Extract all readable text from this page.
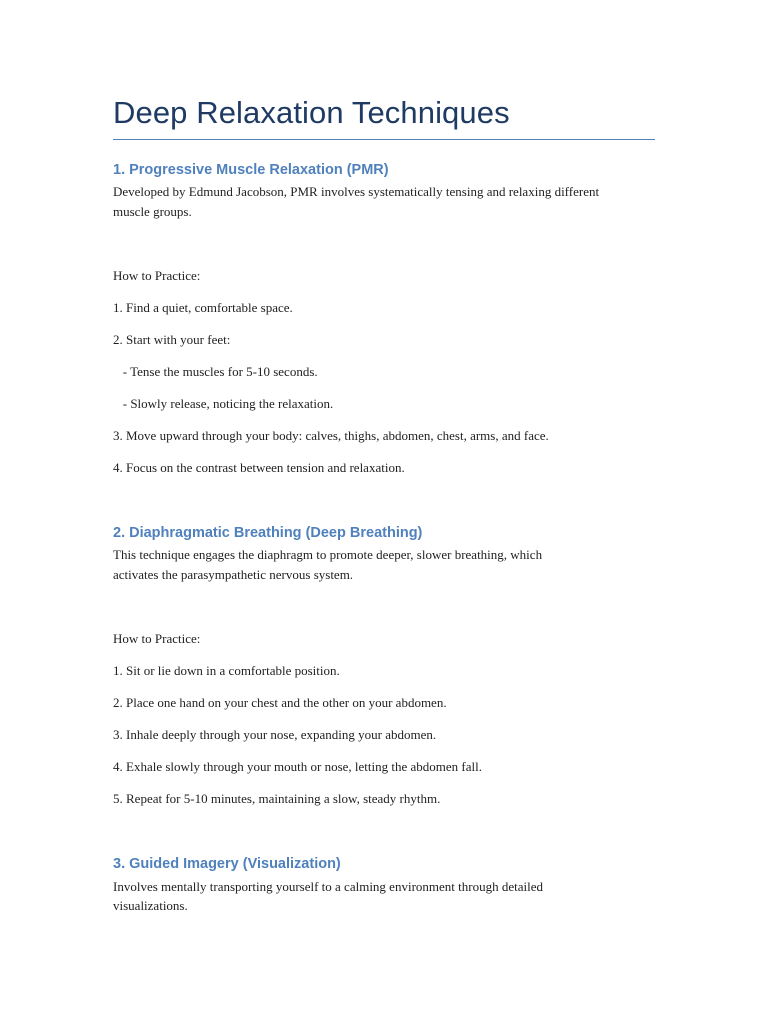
Deep Relaxation Techniques
1. Progressive Muscle Relaxation (PMR)

Developed by Edmund Jacobson, PMR involves systematically tensing and relaxing different

muscle groups.

How to Practice:

1. Find a quiet, comfortable space.

2. Start with your feet:

- Tense the muscles for 5-10 seconds.

- Slowly release, noticing the relaxation.

3. Move upward through your body: calves, thighs, abdomen, chest, arms, and face.

4. Focus on the contrast between tension and relaxation.

2. Diaphragmatic Breathing (Deep Breathing)

This technique engages the diaphragm to promote deeper, slower breathing, which

activates the parasympathetic nervous system.

How to Practice:

1. Sit or lie down in a comfortable position.

2. Place one hand on your chest and the other on your abdomen.

3. Inhale deeply through your nose, expanding your abdomen.

4. Exhale slowly through your mouth or nose, letting the abdomen fall.

5. Repeat for 5-10 minutes, maintaining a slow, steady rhythm.

3. Guided Imagery (Visualization)

Involves mentally transporting yourself to a calming environment through detailed

visualizations.
